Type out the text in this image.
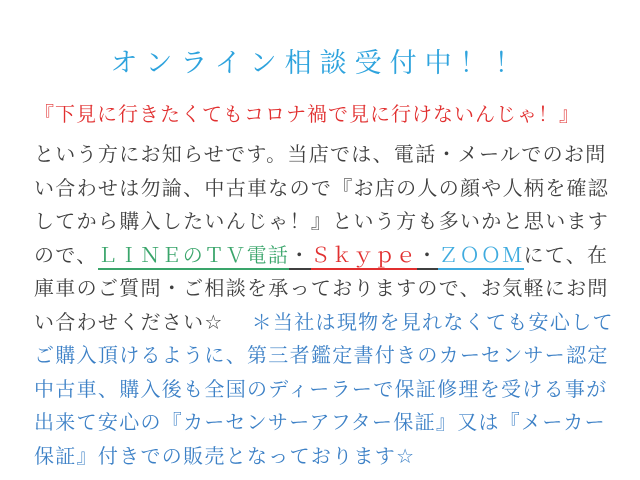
オンライン相談受付中！！

『下見に行きたくてもコロナ禍で見に行けないんじゃ！』

という方にお知らせです。当店では、電話・メールでのお問

い合わせは勿論、中古車なので『お店の人の顔や人柄を確認

してから購入したいんじゃ！』という方も多いかと思います

ので、ＬＩＮＥのＴＶ電話・Ｓｋｙｐｅ・ＺＯＯＭにて、在

庫車のご質問・ご相談を承っておりますので、お気軽にお問

い合わせください☆ ＊当社は現物を見れなくても安心して

ご購入頂けるように、第三者鑑定書付きのカーセンサー認定

中古車、購入後も全国のディーラーで保証修理を受ける事が

出来て安心の『カーセンサーアフター保証』又は『メーカー

保証』付きでの販売となっております☆
